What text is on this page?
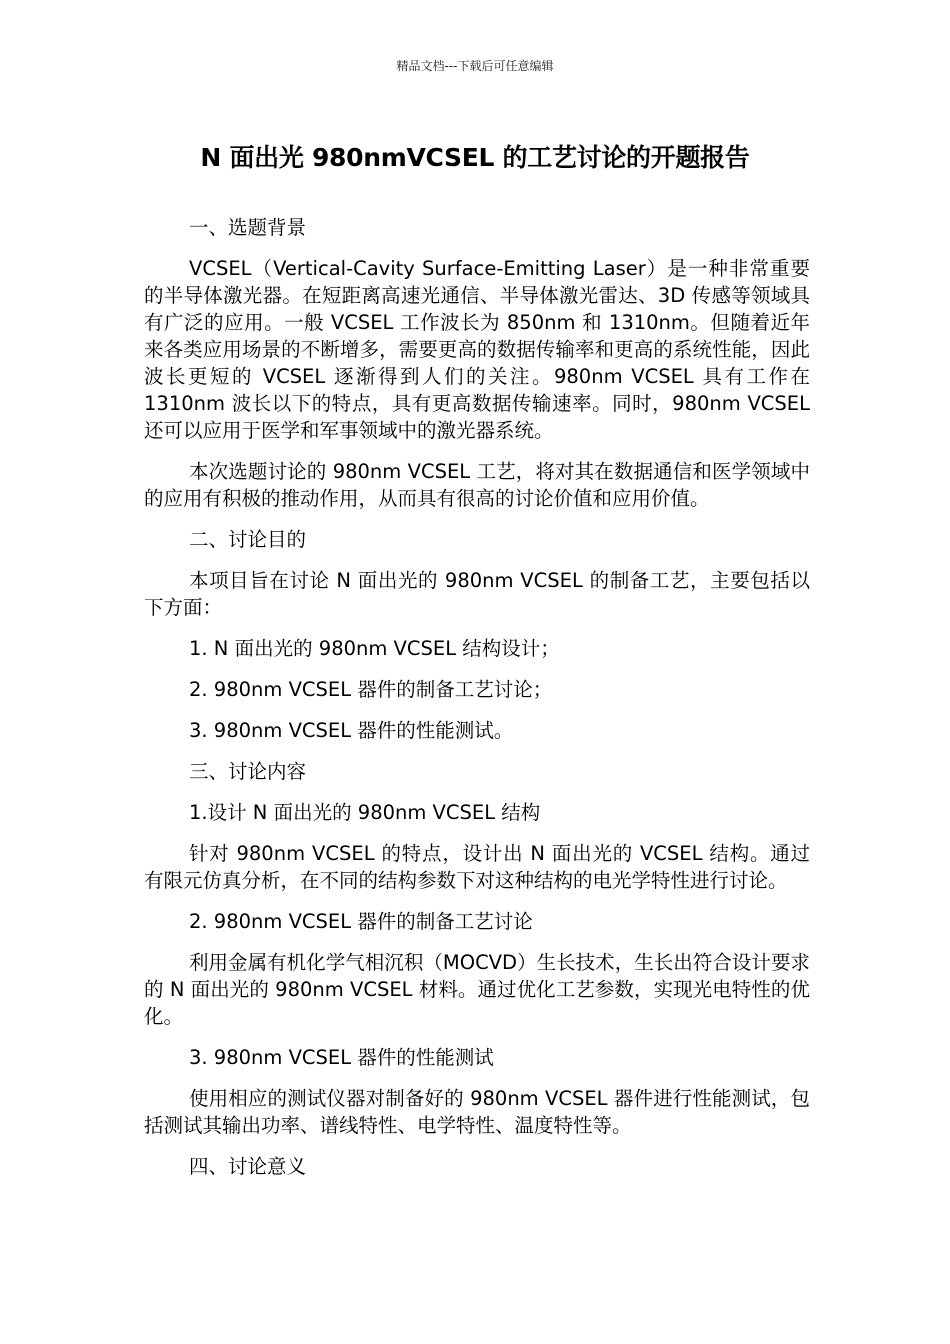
精品文档---下载后可任意编辑
N 面出光 980nmVCSEL 的工艺讨论的开题报告

一、选题背景

VCSEL（Vertical-Cavity Surface-Emitting Laser）是一种非常重要的半导体激光器。在短距离高速光通信、半导体激光雷达、3D 传感等领域具有广泛的应用。一般 VCSEL 工作波长为 850nm 和 1310nm。但随着近年来各类应用场景的不断增多，需要更高的数据传输率和更高的系统性能，因此波长更短的 VCSEL 逐渐得到人们的关注。980nm VCSEL 具有工作在 1310nm 波长以下的特点，具有更高数据传输速率。同时，980nm VCSEL 还可以应用于医学和军事领域中的激光器系统。

本次选题讨论的 980nm VCSEL 工艺，将对其在数据通信和医学领域中的应用有积极的推动作用，从而具有很高的讨论价值和应用价值。

二、讨论目的

本项目旨在讨论 N 面出光的 980nm VCSEL 的制备工艺，主要包括以下方面：

1. N 面出光的 980nm VCSEL 结构设计；

2. 980nm VCSEL 器件的制备工艺讨论；

3. 980nm VCSEL 器件的性能测试。

三、讨论内容

1.设计 N 面出光的 980nm VCSEL 结构

针对 980nm VCSEL 的特点，设计出 N 面出光的 VCSEL 结构。通过有限元仿真分析，在不同的结构参数下对这种结构的电光学特性进行讨论。

2. 980nm VCSEL 器件的制备工艺讨论

利用金属有机化学气相沉积（MOCVD）生长技术，生长出符合设计要求的 N 面出光的 980nm VCSEL 材料。通过优化工艺参数，实现光电特性的优化。

3. 980nm VCSEL 器件的性能测试

使用相应的测试仪器对制备好的 980nm VCSEL 器件进行性能测试，包括测试其输出功率、谱线特性、电学特性、温度特性等。

四、讨论意义
